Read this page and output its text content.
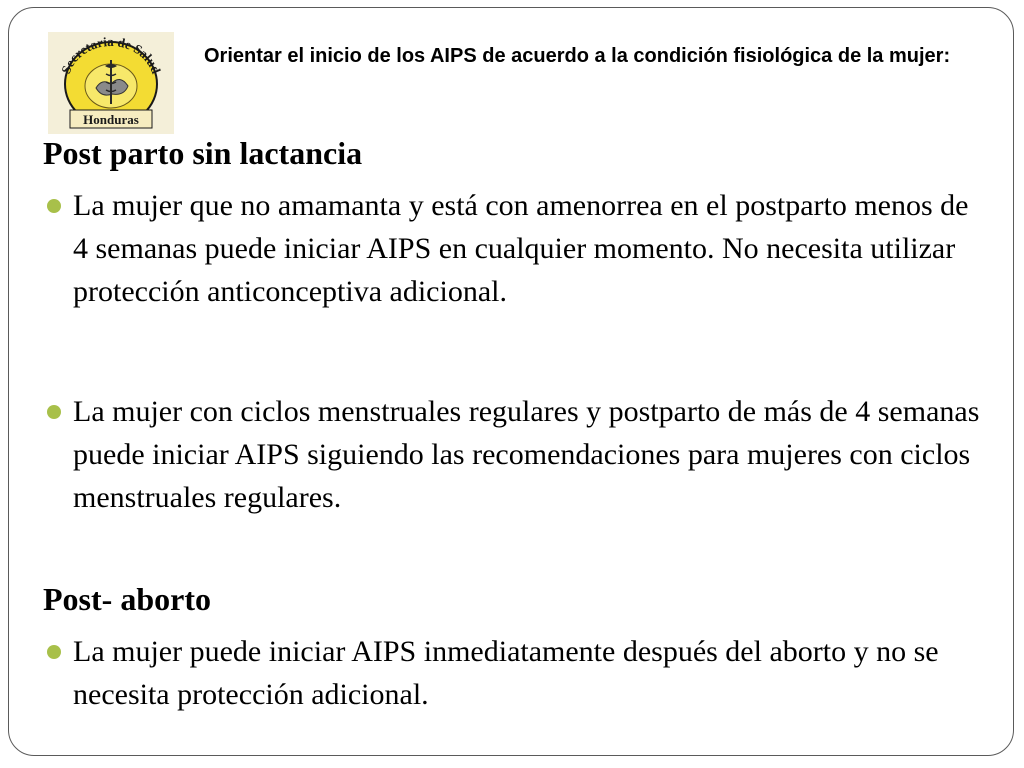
Secretaria de Salud
Honduras

Orientar el inicio de los AIPS de acuerdo a la condición fisiológica de la mujer:

Post parto sin lactancia
La mujer que no amamanta y está con amenorrea en el postparto menos de 4 semanas puede iniciar AIPS en cualquier momento. No necesita utilizar protección anticonceptiva adicional.
La mujer con ciclos menstruales regulares y postparto de más de 4 semanas puede iniciar AIPS siguiendo las recomendaciones para mujeres con ciclos menstruales regulares.
Post- aborto
La mujer puede iniciar AIPS inmediatamente después del aborto y no se necesita protección adicional.
